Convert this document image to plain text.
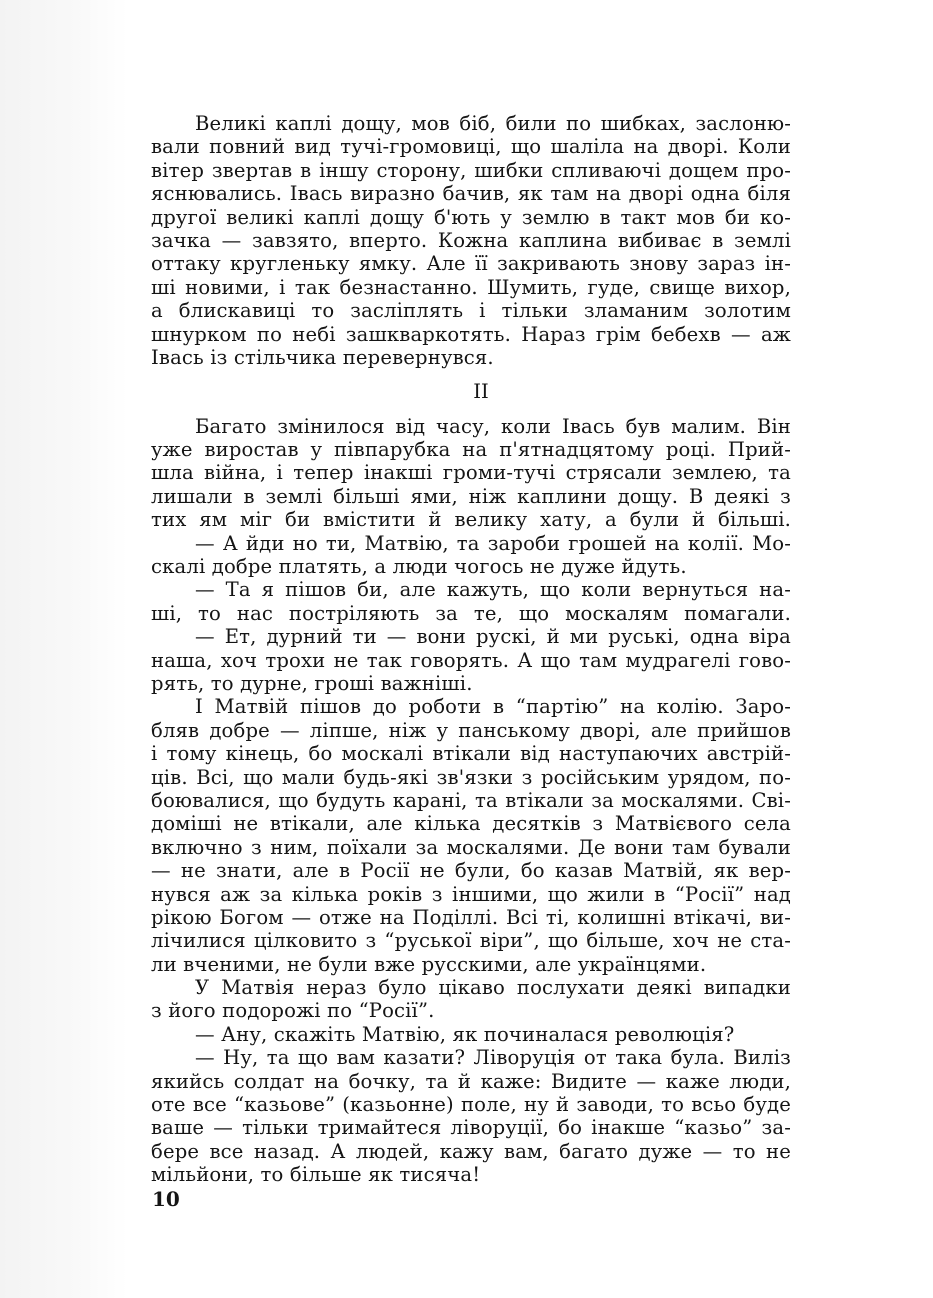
Великі каплі дощу, мов біб, били по шибках, заслоню-
вали повний вид тучі-громовиці, що шаліла на дворі. Коли
вітер звертав в іншу сторону, шибки спливаючі дощем про-
яснювались. Івась виразно бачив, як там на дворі одна біля
другої великі каплі дощу б'ють у землю в такт мов би ко-
зачка — завзято, вперто. Кожна каплина вибиває в землі
оттаку кругленьку ямку. Але її закривають знову зараз ін-
ші новими, і так безнастанно. Шумить, гуде, свище вихор,
а блискавиці то засліплять і тільки зламаним золотим
шнурком по небі зашкваркотять. Нараз грім бебехв — аж
Івась із стільчика перевернувся.
II
Багато змінилося від часу, коли Івась був малим. Він
уже виростав у півпарубка на п'ятнадцятому році. Прий-
шла війна, і тепер інакші громи-тучі стрясали землею, та
лишали в землі більші ями, ніж каплини дощу. В деякі з
тих ям міг би вмістити й велику хату, а були й більші.
— А йди но ти, Матвію, та зароби грошей на колії. Мо-
скалі добре платять, а люди чогось не дуже йдуть.
— Та я пішов би, але кажуть, що коли вернуться на-
ші, то нас постріляють за те, що москалям помагали.
— Ет, дурний ти — вони рускі, й ми руські, одна віра
наша, хоч трохи не так говорять. А що там мудрагелі гово-
рять, то дурне, гроші важніші.
І Матвій пішов до роботи в “партію” на колію. Заро-
бляв добре — ліпше, ніж у панському дворі, але прийшов
і тому кінець, бо москалі втікали від наступаючих австрій-
ців. Всі, що мали будь-які зв'язки з російським урядом, по-
боювалися, що будуть карані, та втікали за москалями. Сві-
доміші не втікали, але кілька десятків з Матвієвого села
включно з ним, поїхали за москалями. Де вони там бували
— не знати, але в Росії не були, бо казав Матвій, як вер-
нувся аж за кілька років з іншими, що жили в “Росії” над
рікою Богом — отже на Поділлі. Всі ті, колишні втікачі, ви-
лічилися цілковито з “руської віри”, що більше, хоч не ста-
ли вченими, не були вже русскими, але українцями.
У Матвія нераз було цікаво послухати деякі випадки
з його подорожі по “Росії”.
— Ану, скажіть Матвію, як починалася революція?
— Ну, та що вам казати? Ліворуція от така була. Виліз
якийсь солдат на бочку, та й каже: Видите — каже люди,
оте все “казьове” (казьонне) поле, ну й заводи, то всьо буде
ваше — тільки тримайтеся ліворуції, бо інакше “казьо” за-
бере все назад. А людей, кажу вам, багато дуже — то не
мільйони, то більше як тисяча!
10
